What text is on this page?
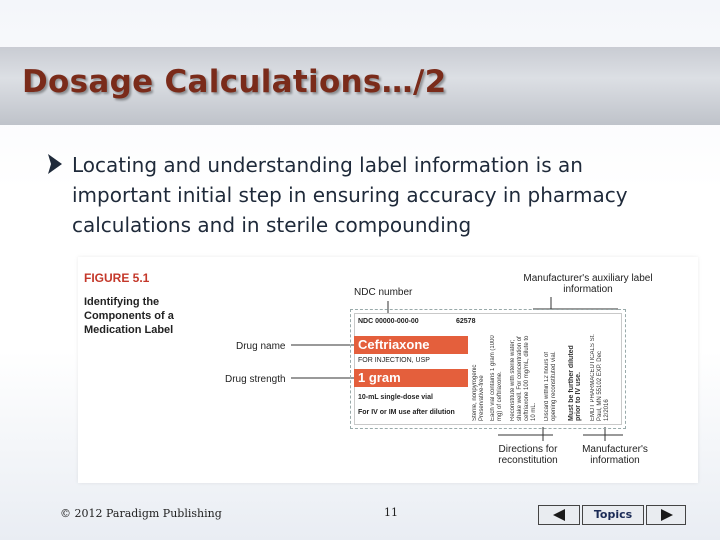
Dosage Calculations…/2
Locating and understanding label information is an important initial step in ensuring accuracy in pharmacy calculations and in sterile compounding
FIGURE 5.1
Identifying the Components of a Medication Label
NDC number
Manufacturer's auxiliary label information
Drug name
Drug strength
Directions for reconstitution
Manufacturer's information
NDC 00000-000-00	62578
Ceftriaxone
FOR INJECTION, USP
1 gram
10-mL single-dose vial
For IV or IM use after dilution	Sterile, nonpyrogenic Preservative-free Each vial contains 1 gram (1000 mg) of ceftriaxone.	Reconstitute with sterile water; shake well. For concentration of ceftriaxone 100 mg/mL, dilute to 10 mL.	Discard within 12 hours of opening reconstituted vial.	Must be further diluted prior to IV use.	EMDT PHARMACEUTICALS St. Paul, MN 55102 EXP. Dec 12/2016
© 2012 Paradigm Publishing	11	Topics
